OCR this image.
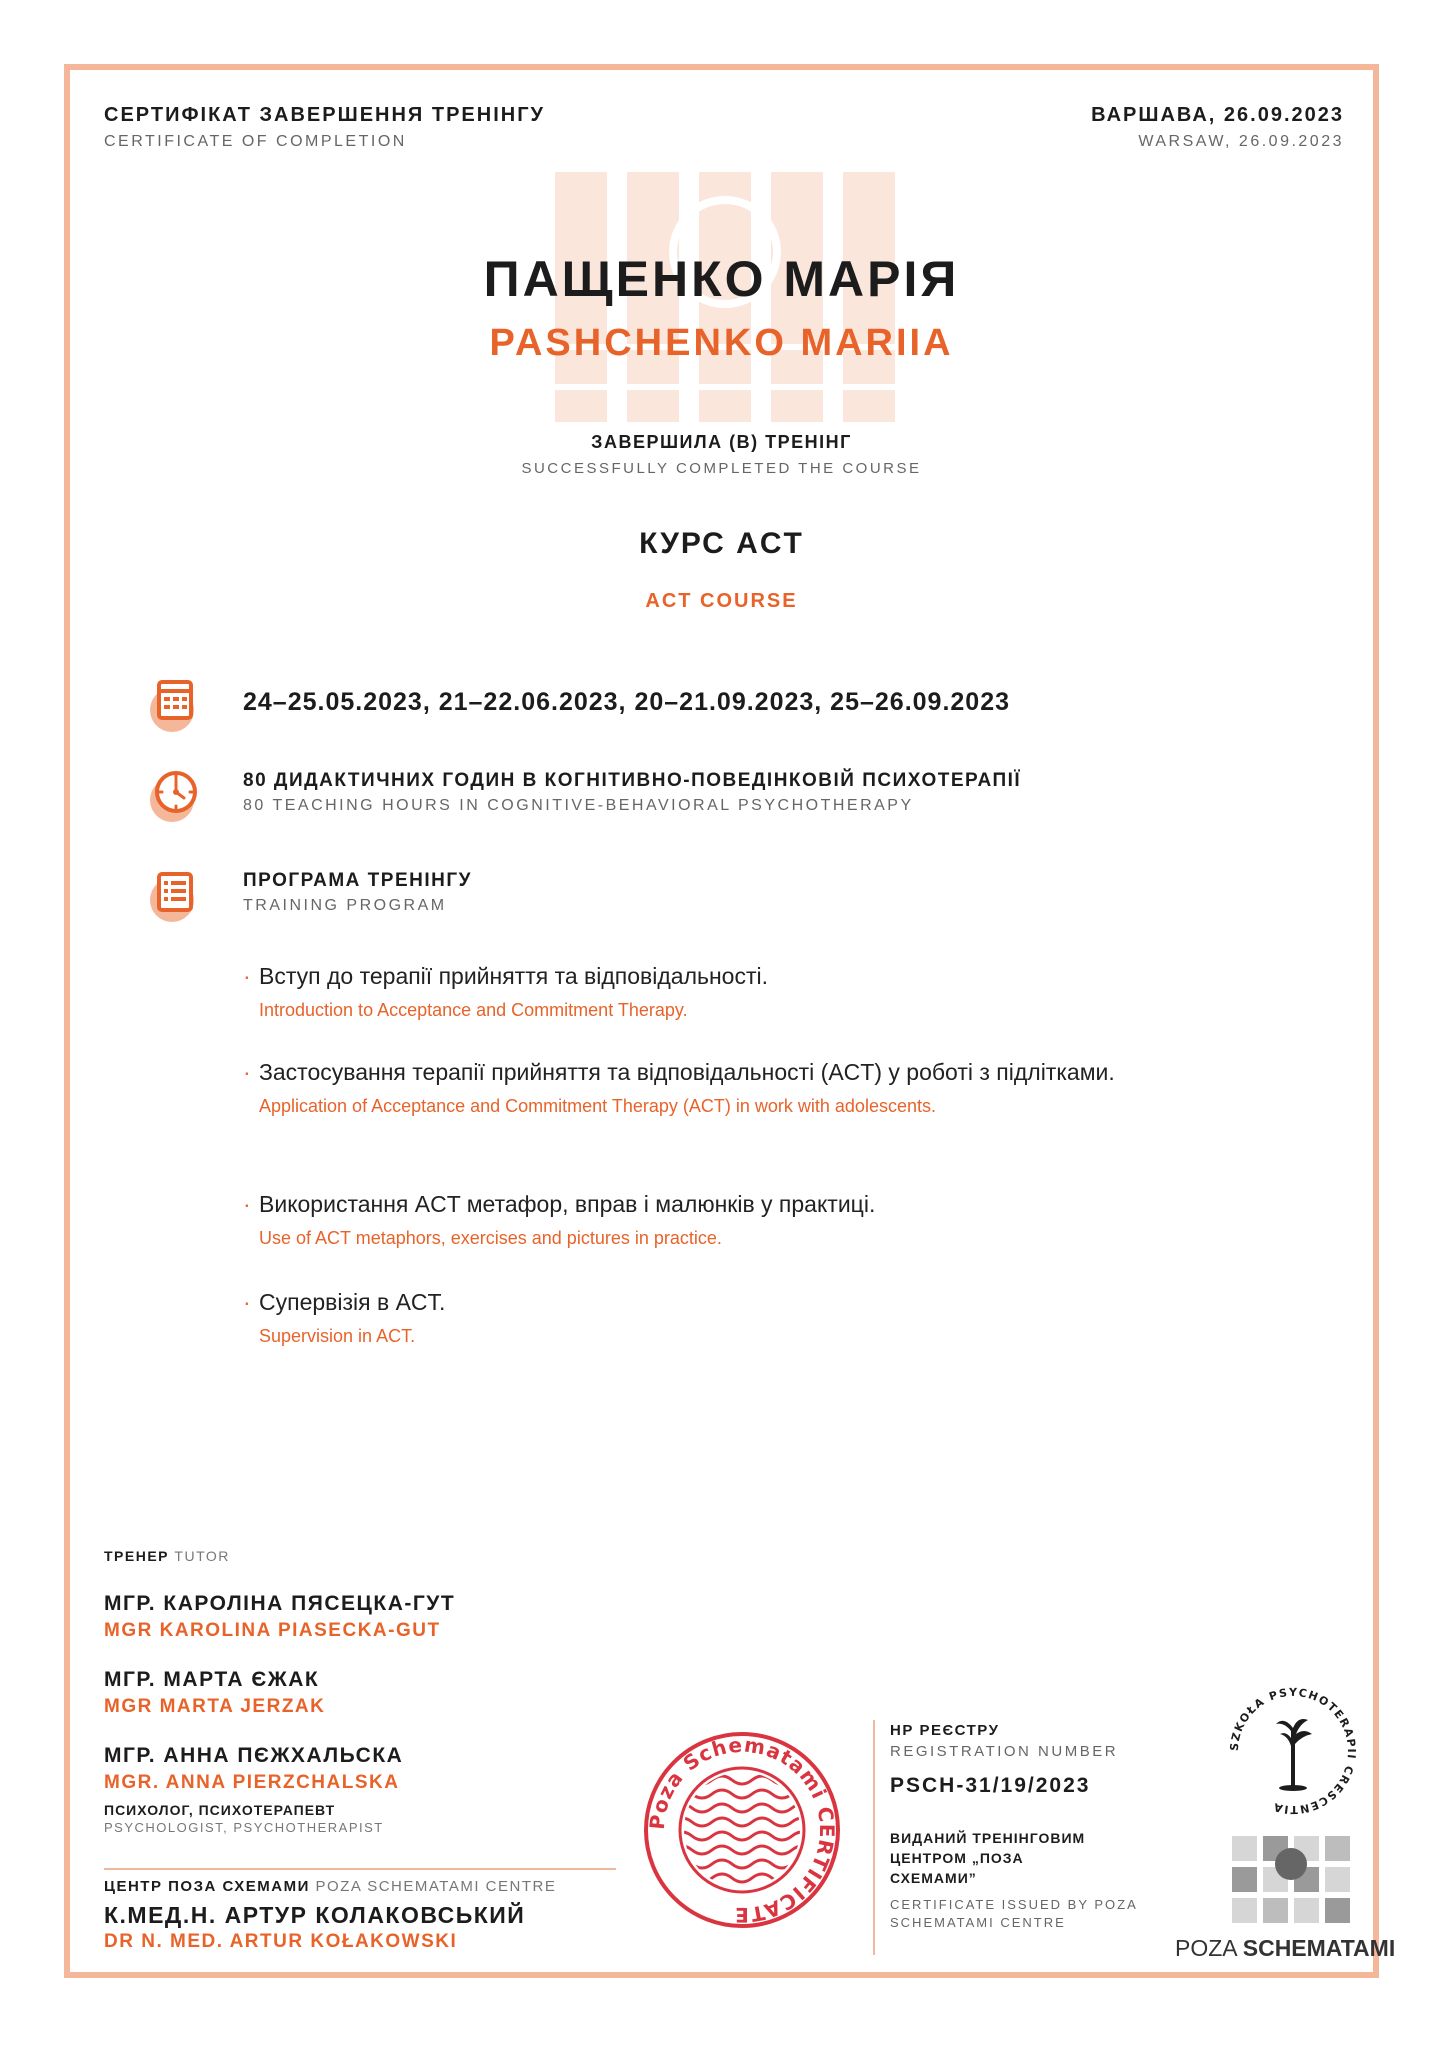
СЕРТИФІКАТ ЗАВЕРШЕННЯ ТРЕНІНГУ
CERTIFICATE OF COMPLETION
ВАРШАВА, 26.09.2023
WARSAW, 26.09.2023
ПАЩЕНКО МАРІЯ
PASHCHENKO MARIIA
ЗАВЕРШИЛА (В) ТРЕНІНГ
SUCCESSFULLY COMPLETED THE COURSE
КУРС ACT
ACT COURSE
24–25.05.2023, 21–22.06.2023, 20–21.09.2023, 25–26.09.2023
80 ДИДАКТИЧНИХ ГОДИН В КОГНІТИВНО-ПОВЕДІНКОВІЙ ПСИХОТЕРАПІЇ
80 TEACHING HOURS IN COGNITIVE-BEHAVIORAL PSYCHOTHERAPY
ПРОГРАМА ТРЕНІНГУ
TRAINING PROGRAM
· Вступ до терапії прийняття та відповідальності.
Introduction to Acceptance and Commitment Therapy.
· Застосування терапії прийняття та відповідальності (ACT) у роботі з підлітками.
Application of Acceptance and Commitment Therapy (ACT) in work with adolescents.
· Використання ACT метафор, вправ і малюнків у практиці.
Use of ACT metaphors, exercises and pictures in practice.
· Супервізія в ACT.
Supervision in ACT.
ТРЕНЕР TUTOR
МГР. КАРОЛІНА ПЯСЕЦКА-ГУТ
MGR KAROLINA PIASECKA-GUT
МГР. МАРТА ЄЖАК
MGR MARTA JERZAK
МГР. АННА ПЄЖХАЛЬСКА
MGR. ANNA PIERZCHALSKA
ПСИХОЛОГ, ПСИХОТЕРАПЕВТ
PSYCHOLOGIST, PSYCHOTHERAPIST
ЦЕНТР ПОЗА СХЕМАМИ POZA SCHEMATAMI CENTRE
К.МЕД.Н. АРТУР КОЛАКОВСЬКИЙ
DR N. MED. ARTUR KOŁAKOWSKI
Poza Schematami CERTIFICATE
НР РЕЄСТРУ
REGISTRATION NUMBER
PSCH-31/19/2023
ВИДАНИЙ ТРЕНІНГОВИМ ЦЕНТРОМ „ПОЗА СХЕМАМИ”
CERTIFICATE ISSUED BY POZA SCHEMATAMI CENTRE
SZKOŁA PSYCHOTERAPII CRESCENTIA
POZA SCHEMATAMI
